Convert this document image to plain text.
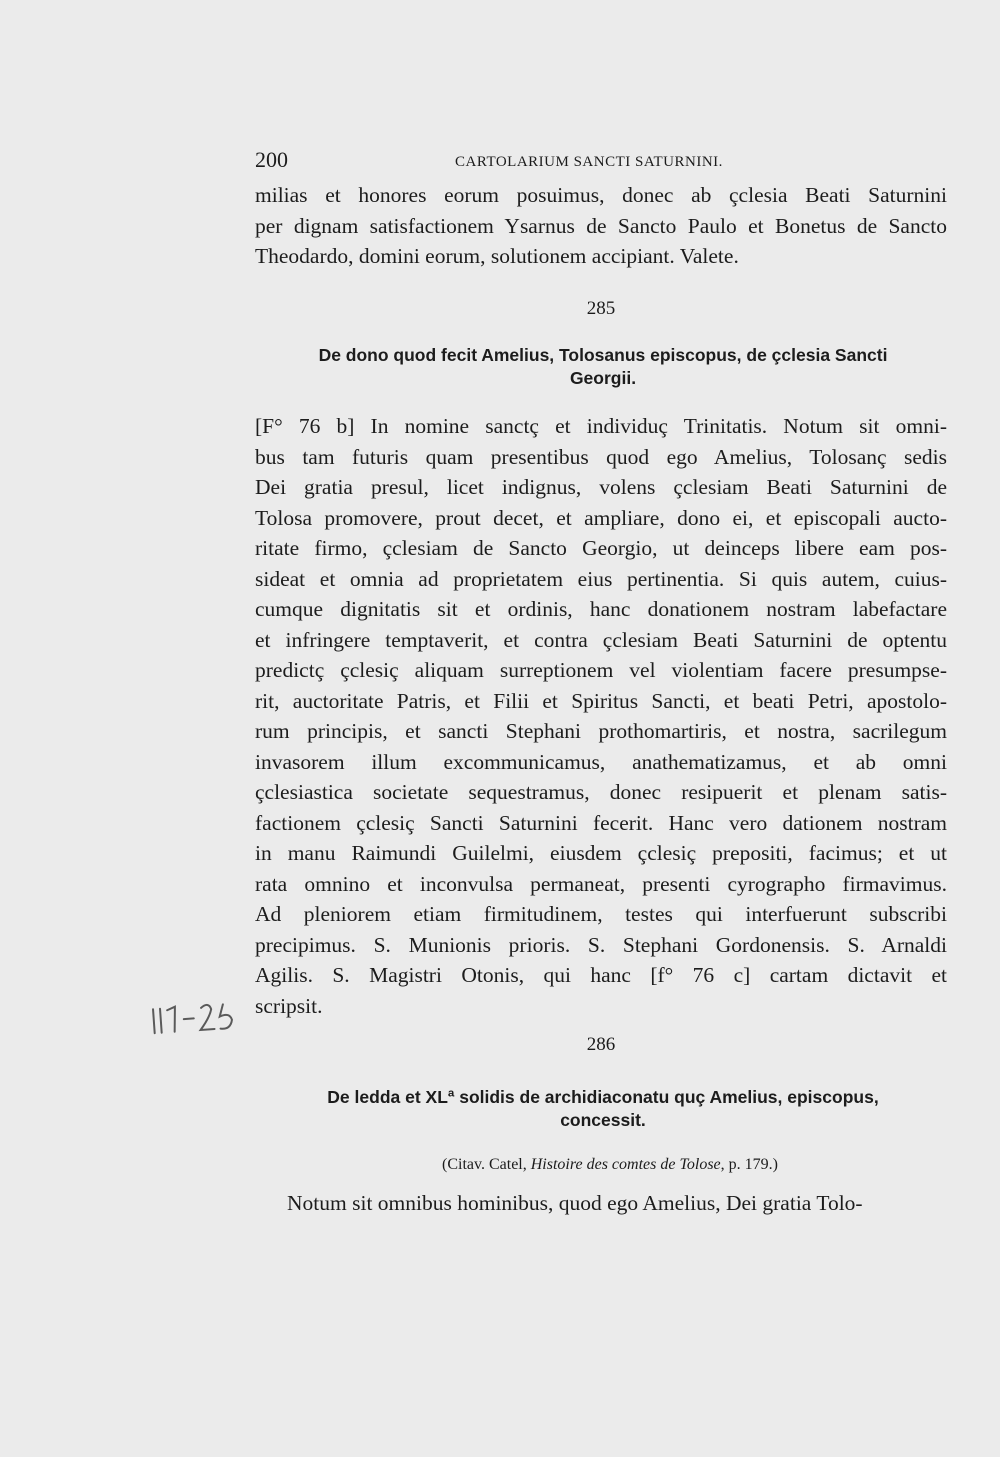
200	CARTOLARIUM SANCTI SATURNINI.
milias et honores eorum posuimus, donec ab çclesia Beati Saturnini
per dignam satisfactionem Ysarnus de Sancto Paulo et Bonetus de Sancto
Theodardo, domini eorum, solutionem accipiant. Valete.
285
De dono quod fecit Amelius, Tolosanus episcopus, de çclesia Sancti
Georgii.
[F° 76 b] In nomine sanctç et individuç Trinitatis. Notum sit omni-
bus tam futuris quam presentibus quod ego Amelius, Tolosanç sedis
Dei gratia presul, licet indignus, volens çclesiam Beati Saturnini de
Tolosa promovere, prout decet, et ampliare, dono ei, et episcopali aucto-
ritate firmo, çclesiam de Sancto Georgio, ut deinceps libere eam pos-
sideat et omnia ad proprietatem eius pertinentia. Si quis autem, cuius-
cumque dignitatis sit et ordinis, hanc donationem nostram labefactare
et infringere temptaverit, et contra çclesiam Beati Saturnini de optentu
predictç çclesiç aliquam surreptionem vel violentiam facere presumpse-
rit, auctoritate Patris, et Filii et Spiritus Sancti, et beati Petri, apostolo-
rum principis, et sancti Stephani prothomartiris, et nostra, sacrilegum
invasorem illum excommunicamus, anathematizamus, et ab omni
çclesiastica societate sequestramus, donec resipuerit et plenam satis-
factionem çclesiç Sancti Saturnini fecerit. Hanc vero dationem nostram
in manu Raimundi Guilelmi, eiusdem çclesiç prepositi, facimus; et ut
rata omnino et inconvulsa permaneat, presenti cyrographo firmavimus.
Ad pleniorem etiam firmitudinem, testes qui interfuerunt subscribi
precipimus. S. Munionis prioris. S. Stephani Gordonensis. S. Arnaldi
Agilis. S. Magistri Otonis, qui hanc [f° 76 c] cartam dictavit et
scripsit.
286
De ledda et XLª solidis de archidiaconatu quç Amelius, episcopus,
concessit.
(Citav. Catel, Histoire des comtes de Tolose, p. 179.)
Notum sit omnibus hominibus, quod ego Amelius, Dei gratia Tolo-
